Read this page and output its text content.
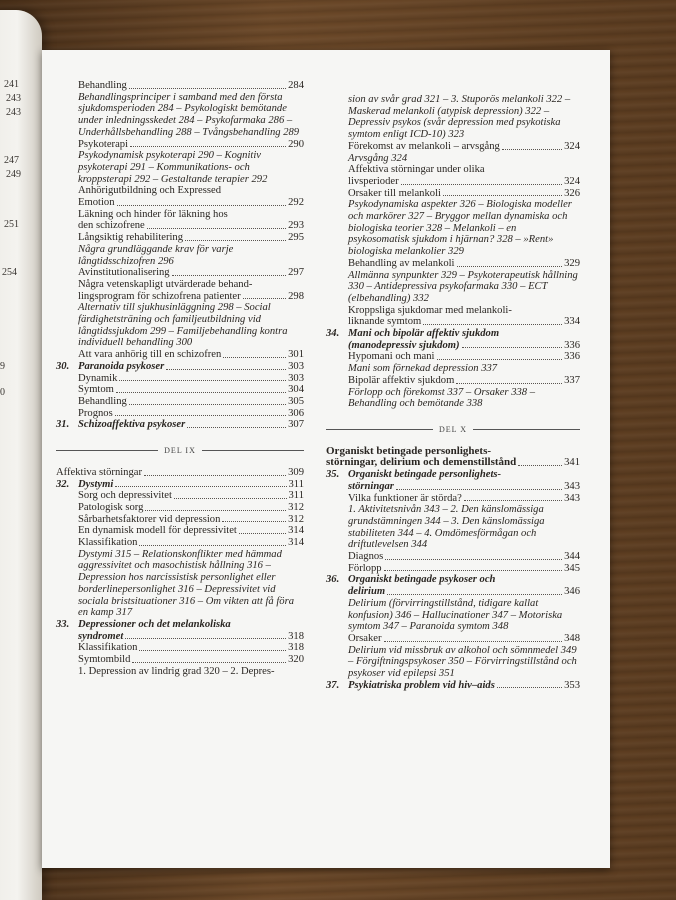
241
243
243
247
249
251
254
9
0
Behandling	284
Behandlingsprinciper i samband med den första sjukdomsperioden 284 – Psykologiskt bemötande under inledningsskedet 284 – Psykofarmaka 286 – Underhållsbehandling 288 – Tvångsbehandling 289
Psykoterapi	290
Psykodynamisk psykoterapi 290 – Kognitiv psykoterapi 291 – Kommunikations- och kroppsterapi 292 – Gestaltande terapier 292
Anhörigutbildning och Expressed
Emotion	292
Läkning och hinder för läkning hos
den schizofrene	293
Långsiktig rehabilitering	295
Några grundläggande krav för varje långtidsschizofren 296
Avinstitutionalisering	297
Några vetenskapligt utvärderade behand-
lingsprogram för schizofrena patienter	298
Alternativ till sjukhusinläggning 298 – Social färdighetsträning och familjeutbildning vid långtidssjukdom 299 – Familjebehandling kontra individuell behandling 300
Att vara anhörig till en schizofren	301
30. Paranoida psykoser	303
Dynamik	303
Symtom	304
Behandling	305
Prognos	306
31. Schizoaffektiva psykoser	307
DEL IX
Affektiva störningar	309
32. Dystymi	311
Sorg och depressivitet	311
Patologisk sorg	312
Sårbarhetsfaktorer vid depression	312
En dynamisk modell för depressivitet	314
Klassifikation	314
Dystymi 315 – Relationskonflikter med hämmad aggressivitet och masochistisk hållning 316 – Depression hos narcissistisk personlighet eller borderlinepersonlighet 316 – Depressivitet vid sociala bristsituationer 316 – Om vikten att få föra en kamp 317
33. Depressioner och det melankoliska
syndromet	318
Klassifikation	318
Symtombild	320
1. Depression av lindrig grad 320 – 2. Depres-
sion av svår grad 321 – 3. Stuporös melankoli 322 – Maskerad melankoli (atypisk depression) 322 – Depressiv psykos (svår depression med psykotiska symtom enligt ICD-10) 323
Förekomst av melankoli – arvsgång	324
Arvsgång 324
Affektiva störningar under olika
livsperioder	324
Orsaker till melankoli	326
Psykodynamiska aspekter 326 – Biologiska modeller och markörer 327 – Bryggor mellan dynamiska och biologiska teorier 328 – Melankoli – en psykosomatisk sjukdom i hjärnan? 328 – »Rent» biologiska melankolier 329
Behandling av melankoli	329
Allmänna synpunkter 329 – Psykoterapeutisk hållning 330 – Antidepressiva psykofarmaka 330 – ECT (elbehandling) 332
Kroppsliga sjukdomar med melankoli-
liknande symtom	334
34. Mani och bipolär affektiv sjukdom
(manodepressiv sjukdom)	336
Hypomani och mani	336
Mani som förnekad depression 337
Bipolär affektiv sjukdom	337
Förlopp och förekomst 337 – Orsaker 338 – Behandling och bemötande 338
DEL X
Organiskt betingade personlighets-
störningar, delirium och demenstillstånd	341
35. Organiskt betingade personlighets-
störningar	343
Vilka funktioner är störda?	343
1. Aktivitetsnivån 343 – 2. Den känslomässiga grundstämningen 344 – 3. Den känslomässiga stabiliteten 344 – 4. Omdömesförmågan och driftutlevelsen 344
Diagnos	344
Förlopp	345
36. Organiskt betingade psykoser och
delirium	346
Delirium (förvirringstillstånd, tidigare kallat konfusion) 346 – Hallucinationer 347 – Motoriska symtom 347 – Paranoida symtom 348
Orsaker	348
Delirium vid missbruk av alkohol och sömnmedel 349 – Förgiftningspsykoser 350 – Förvirringstillstånd och psykoser vid epilepsi 351
37. Psykiatriska problem vid hiv–aids	353
